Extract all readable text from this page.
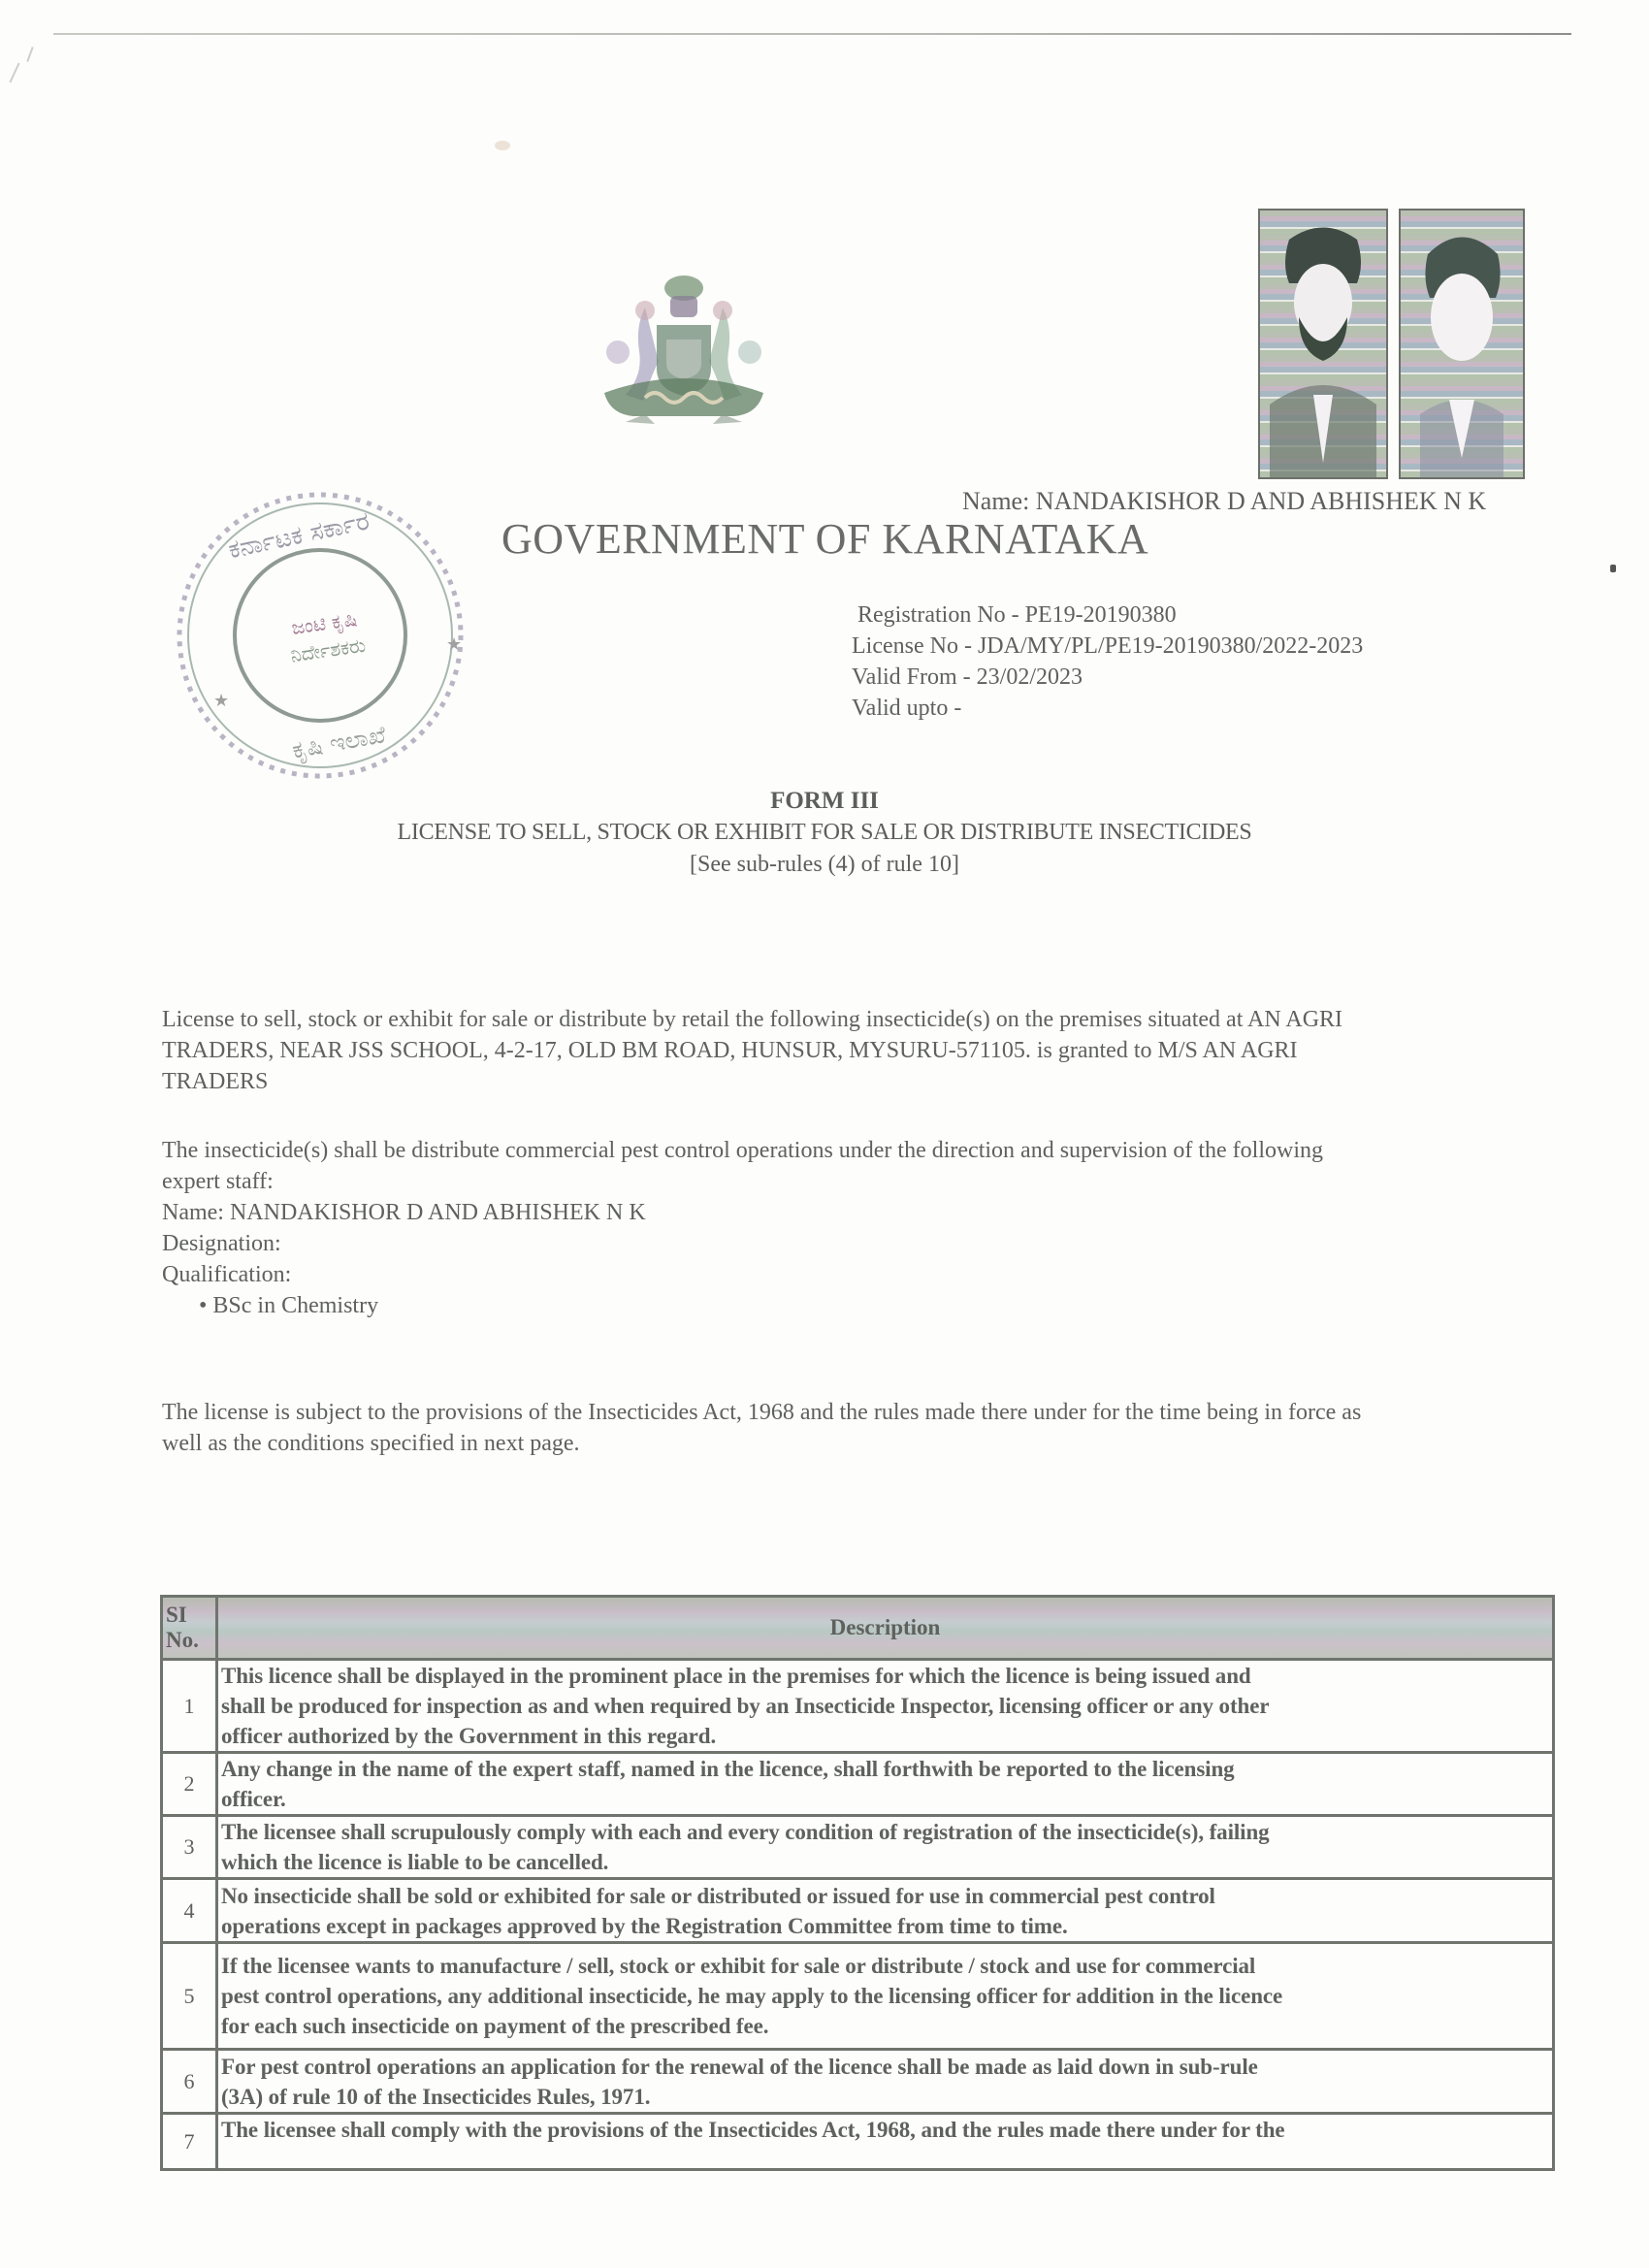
ಕರ್ನಾಟಕ ಸರ್ಕಾರ
ಕೃಷಿ ಇಲಾಖೆ
ಜಂಟಿ ಕೃಷಿ
ನಿರ್ದೇಶಕರು	★
★
Name: NANDAKISHOR D AND ABHISHEK N K
GOVERNMENT OF KARNATAKA
Registration No - PE19-20190380
License No - JDA/MY/PL/PE19-20190380/2022-2023
Valid From - 23/02/2023
Valid upto -
FORM III
LICENSE TO SELL, STOCK OR EXHIBIT FOR SALE OR DISTRIBUTE INSECTICIDES
[See sub-rules (4) of rule 10]
License to sell, stock or exhibit for sale or distribute by retail the following insecticide(s) on the premises situated at AN AGRI
TRADERS, NEAR JSS SCHOOL, 4-2-17, OLD BM ROAD, HUNSUR, MYSURU-571105. is granted to M/S AN AGRI
TRADERS
The insecticide(s) shall be distribute commercial pest control operations under the direction and supervision of the following
expert staff:
Name: NANDAKISHOR D AND ABHISHEK N K
Designation:
Qualification:
• BSc in Chemistry
The license is subject to the provisions of the Insecticides Act, 1968 and the rules made there under for the time being in force as
well as the conditions specified in next page.
SI
No.	Description
1	This licence shall be displayed in the prominent place in the premises for which the licence is being issued and
shall be produced for inspection as and when required by an Insecticide Inspector, licensing officer or any other
officer authorized by the Government in this regard.

2	Any change in the name of the expert staff, named in the licence, shall forthwith be reported to the licensing
officer.

3	The licensee shall scrupulously comply with each and every condition of registration of the insecticide(s), failing
which the licence is liable to be cancelled.

4	No insecticide shall be sold or exhibited for sale or distributed or issued for use in commercial pest control
operations except in packages approved by the Registration Committee from time to time.

5	If the licensee wants to manufacture / sell, stock or exhibit for sale or distribute / stock and use for commercial
pest control operations, any additional insecticide, he may apply to the licensing officer for addition in the licence
for each such insecticide on payment of the prescribed fee.

6	For pest control operations an application for the renewal of the licence shall be made as laid down in sub-rule
(3A) of rule 10 of the Insecticides Rules, 1971.

7	The licensee shall comply with the provisions of the Insecticides Act, 1968, and the rules made there under for the
